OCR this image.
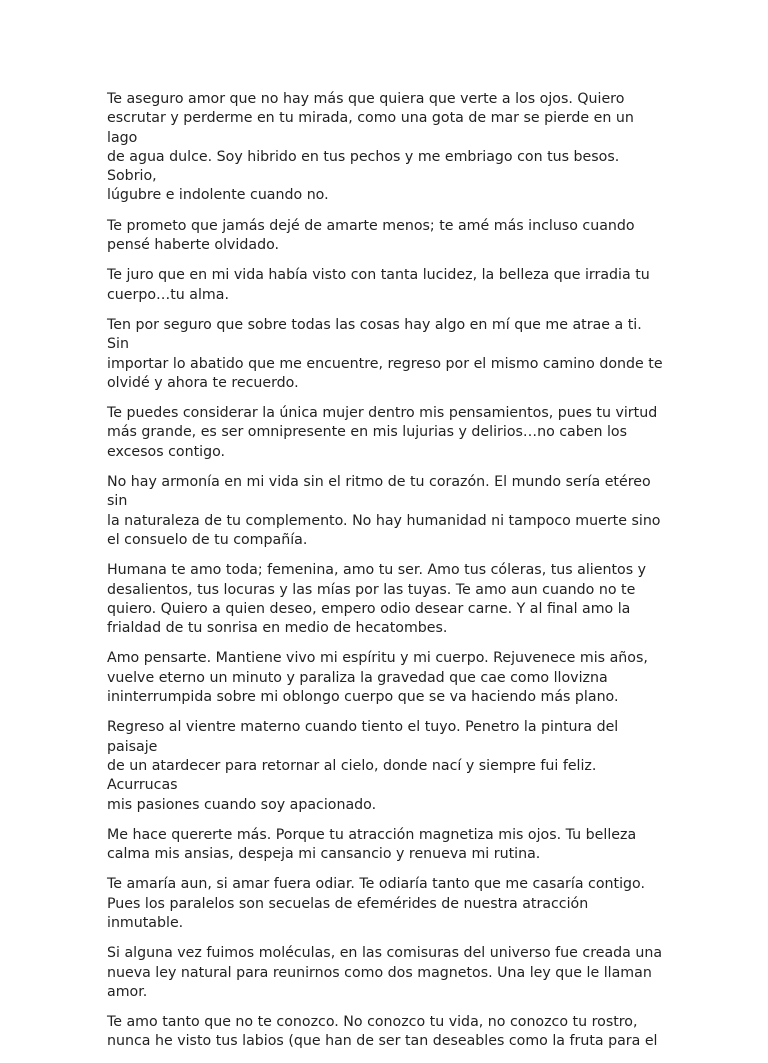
Te aseguro amor que no hay más que quiera que verte a los ojos. Quiero
escrutar y perderme en tu mirada, como una gota de mar se pierde en un lago
de agua dulce. Soy hibrido en tus pechos y me embriago con tus besos. Sobrio,
lúgubre e indolente cuando no.

Te prometo que jamás dejé de amarte menos; te amé más incluso cuando
pensé haberte olvidado.

Te juro que en mi vida había visto con tanta lucidez, la belleza que irradia tu
cuerpo…tu alma.

Ten por seguro que sobre todas las cosas hay algo en mí que me atrae a ti. Sin
importar lo abatido que me encuentre, regreso por el mismo camino donde te
olvidé y ahora te recuerdo.

Te puedes considerar la única mujer dentro mis pensamientos, pues tu virtud
más grande, es ser omnipresente en mis lujurias y delirios…no caben los
excesos contigo.

No hay armonía en mi vida sin el ritmo de tu corazón. El mundo sería etéreo sin
la naturaleza de tu complemento. No hay humanidad ni tampoco muerte sino
el consuelo de tu compañía.

Humana te amo toda; femenina, amo tu ser. Amo tus cóleras, tus alientos y
desalientos, tus locuras y las mías por las tuyas. Te amo aun cuando no te
quiero. Quiero a quien deseo, empero odio desear carne. Y al final amo la
frialdad de tu sonrisa en medio de hecatombes.

Amo pensarte. Mantiene vivo mi espíritu y mi cuerpo. Rejuvenece mis años,
vuelve eterno un minuto y paraliza la gravedad que cae como llovizna
ininterrumpida sobre mi oblongo cuerpo que se va haciendo más plano.

Regreso al vientre materno cuando tiento el tuyo. Penetro la pintura del paisaje
de un atardecer para retornar al cielo, donde nací y siempre fui feliz. Acurrucas
mis pasiones cuando soy apacionado.

Me hace quererte más. Porque tu atracción magnetiza mis ojos. Tu belleza
calma mis ansias, despeja mi cansancio y renueva mi rutina.

Te amaría aun, si amar fuera odiar. Te odiaría tanto que me casaría contigo.
Pues los paralelos son secuelas de efemérides de nuestra atracción inmutable.

Si alguna vez fuimos moléculas, en las comisuras del universo fue creada una
nueva ley natural para reunirnos como dos magnetos. Una ley que le llaman
amor.

Te amo tanto que no te conozco. No conozco tu vida, no conozco tu rostro,
nunca he visto tus labios (que han de ser tan deseables como la fruta para el
